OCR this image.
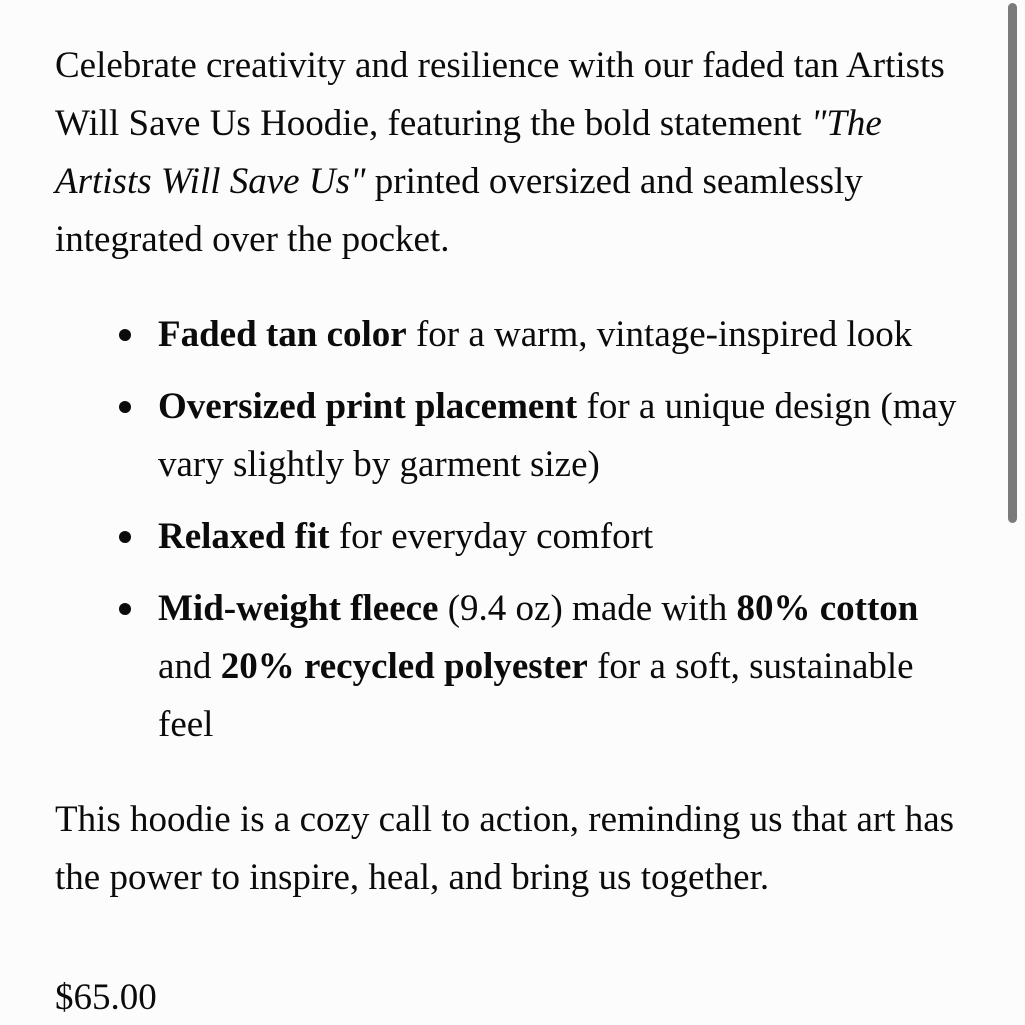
Celebrate creativity and resilience with our faded tan Artists
Will Save Us Hoodie, featuring the bold statement "The
Artists Will Save Us" printed oversized and seamlessly
integrated over the pocket.
Faded tan color for a warm, vintage-inspired look
Oversized print placement for a unique design (may
vary slightly by garment size)
Relaxed fit for everyday comfort
Mid-weight fleece (9.4 oz) made with 80% cotton
and 20% recycled polyester for a soft, sustainable
feel
This hoodie is a cozy call to action, reminding us that art has
the power to inspire, heal, and bring us together.
$65.00
